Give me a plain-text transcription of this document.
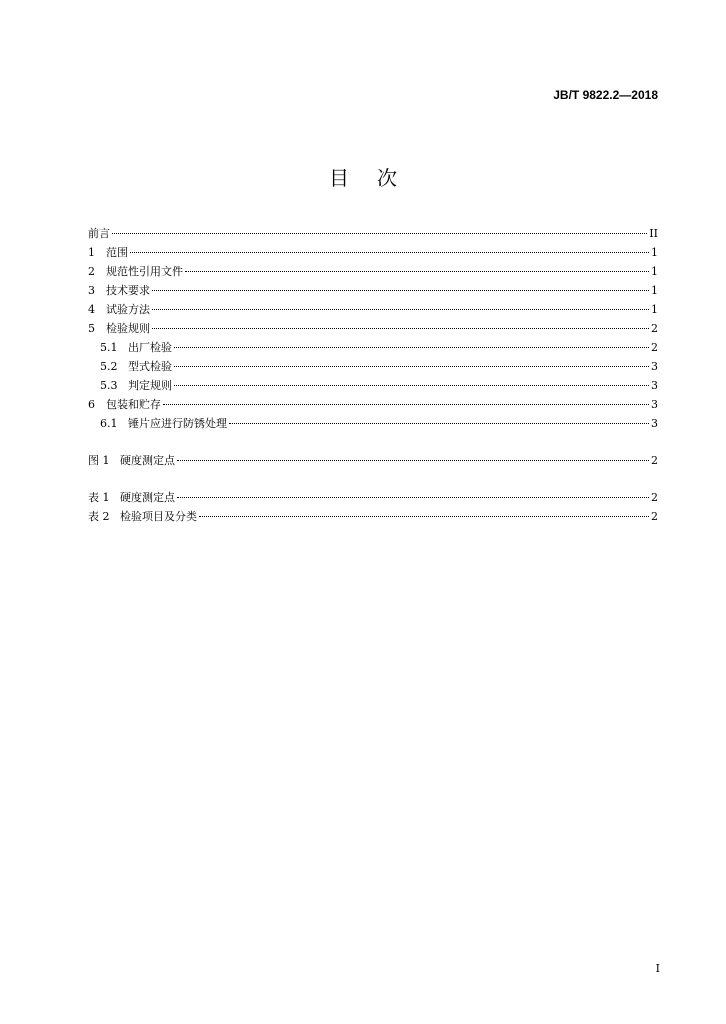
JB/T 9822.2—2018
目次
前言	II
1	范围	1
2	规范性引用文件	1
3	技术要求	1
4	试验方法	1
5	检验规则	2
5.1 出厂检验	2
5.2 型式检验	3
5.3 判定规则	3
6	包装和贮存	3
6.1 锤片应进行防锈处理	3
图 1 硬度测定点	2
表 1 硬度测定点	2
表 2 检验项目及分类	2
I
